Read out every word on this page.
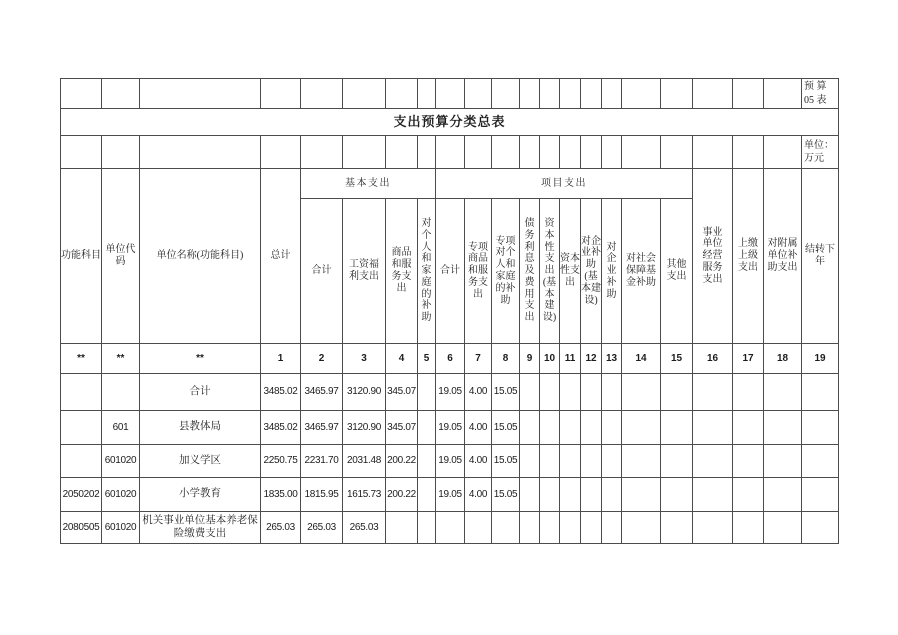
																					预 算
05 表

支出预算分类总表																					

																					单位：
万元

功能科目	单位代码	单位名称(功能科目)	总计	基本支出				项目支出										事业单位经营服务支出	上缴上级支出	对附属单位补助支出	结转下年
				合计	工资福利支出	商品和服务支出	对个人和家庭的补助	合计	专项商品和服务支出	专项对个人和家庭的补助	债务利息及费用支出	资本性支出(基本建设)	资本性支出	对企业补助(基本建设)	对企业补助	对社会保障基金补助	其他支出				
**	**	**	1	2	3	4	5	6	7	8	9	10	11	12	13	14	15	16	17	18	19
		合计	3485.02	3465.97	3120.90	345.07		19.05	4.00	15.05											
	601	县教体局	3485.02	3465.97	3120.90	345.07		19.05	4.00	15.05											
	601020	加义学区	2250.75	2231.70	2031.48	200.22		19.05	4.00	15.05											
2050202	601020	小学教育	1835.00	1815.95	1615.73	200.22		19.05	4.00	15.05											
2080505	601020	机关事业单位基本养老保险缴费支出	265.03	265.03	265.03																
